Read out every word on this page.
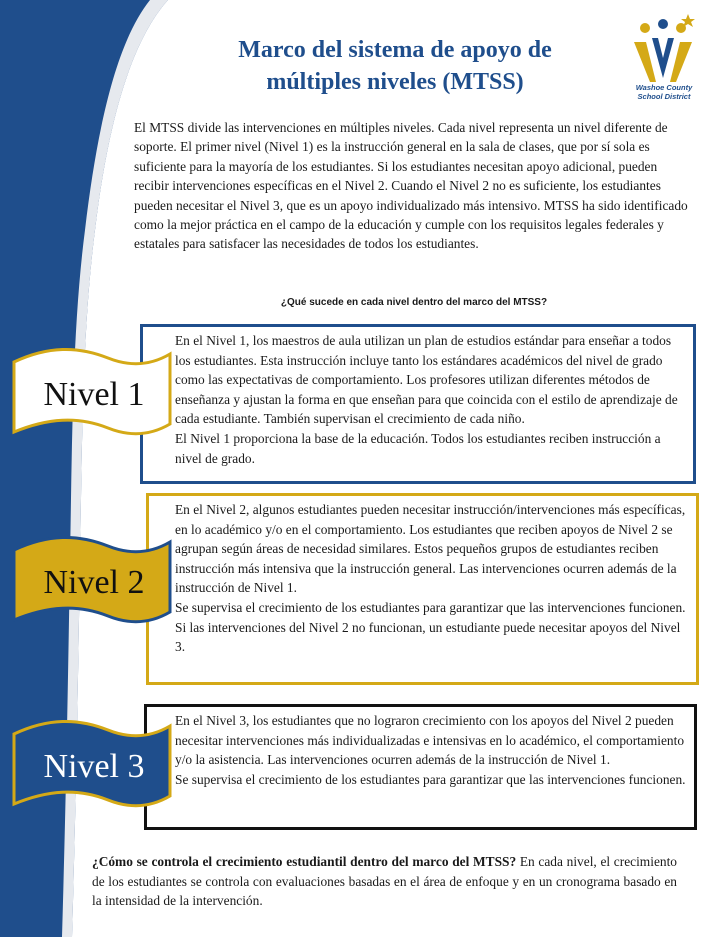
Marco del sistema de apoyo de
múltiples niveles (MTSS)	Washoe County
School District

El MTSS divide las intervenciones en múltiples niveles. Cada nivel representa un nivel diferente de soporte. El primer nivel (Nivel 1) es la instrucción general en la sala de clases, que por sí sola es suficiente para la mayoría de los estudiantes. Si los estudiantes necesitan apoyo adicional, pueden recibir intervenciones específicas en el Nivel 2. Cuando el Nivel 2 no es suficiente, los estudiantes pueden necesitar el Nivel 3, que es un apoyo individualizado más intensivo. MTSS ha sido identificado como la mejor práctica en el campo de la educación y cumple con los requisitos legales federales y estatales para satisfacer las necesidades de todos los estudiantes.

¿Qué sucede en cada nivel dentro del marco del MTSS?

En el Nivel 1, los maestros de aula utilizan un plan de estudios estándar para enseñar a todos los estudiantes. Esta instrucción incluye tanto los estándares académicos del nivel de grado como las expectativas de comportamiento. Los profesores utilizan diferentes métodos de enseñanza y ajustan la forma en que enseñan para que coincida con el estilo de aprendizaje de cada estudiante. También supervisan el crecimiento de cada niño.

El Nivel 1 proporciona la base de la educación. Todos los estudiantes reciben instrucción a nivel de grado.

En el Nivel 2, algunos estudiantes pueden necesitar instrucción/intervenciones más específicas, en lo académico y/o en el comportamiento. Los estudiantes que reciben apoyos de Nivel 2 se agrupan según áreas de necesidad similares. Estos pequeños grupos de estudiantes reciben instrucción más intensiva que la instrucción general. Las intervenciones ocurren además de la instrucción de Nivel 1.

Se supervisa el crecimiento de los estudiantes para garantizar que las intervenciones funcionen.

Si las intervenciones del Nivel 2 no funcionan, un estudiante puede necesitar apoyos del Nivel 3.

En el Nivel 3, los estudiantes que no lograron crecimiento con los apoyos del Nivel 2 pueden necesitar intervenciones más individualizadas e intensivas en lo académico, el comportamiento y/o la asistencia. Las intervenciones ocurren además de la instrucción de Nivel 1.

Se supervisa el crecimiento de los estudiantes para garantizar que las intervenciones funcionen.

Nivel 1
Nivel 2
Nivel 3

¿Cómo se controla el crecimiento estudiantil dentro del marco del MTSS? En cada nivel, el crecimiento de los estudiantes se controla con evaluaciones basadas en el área de enfoque y en un cronograma basado en la intensidad de la intervención.
